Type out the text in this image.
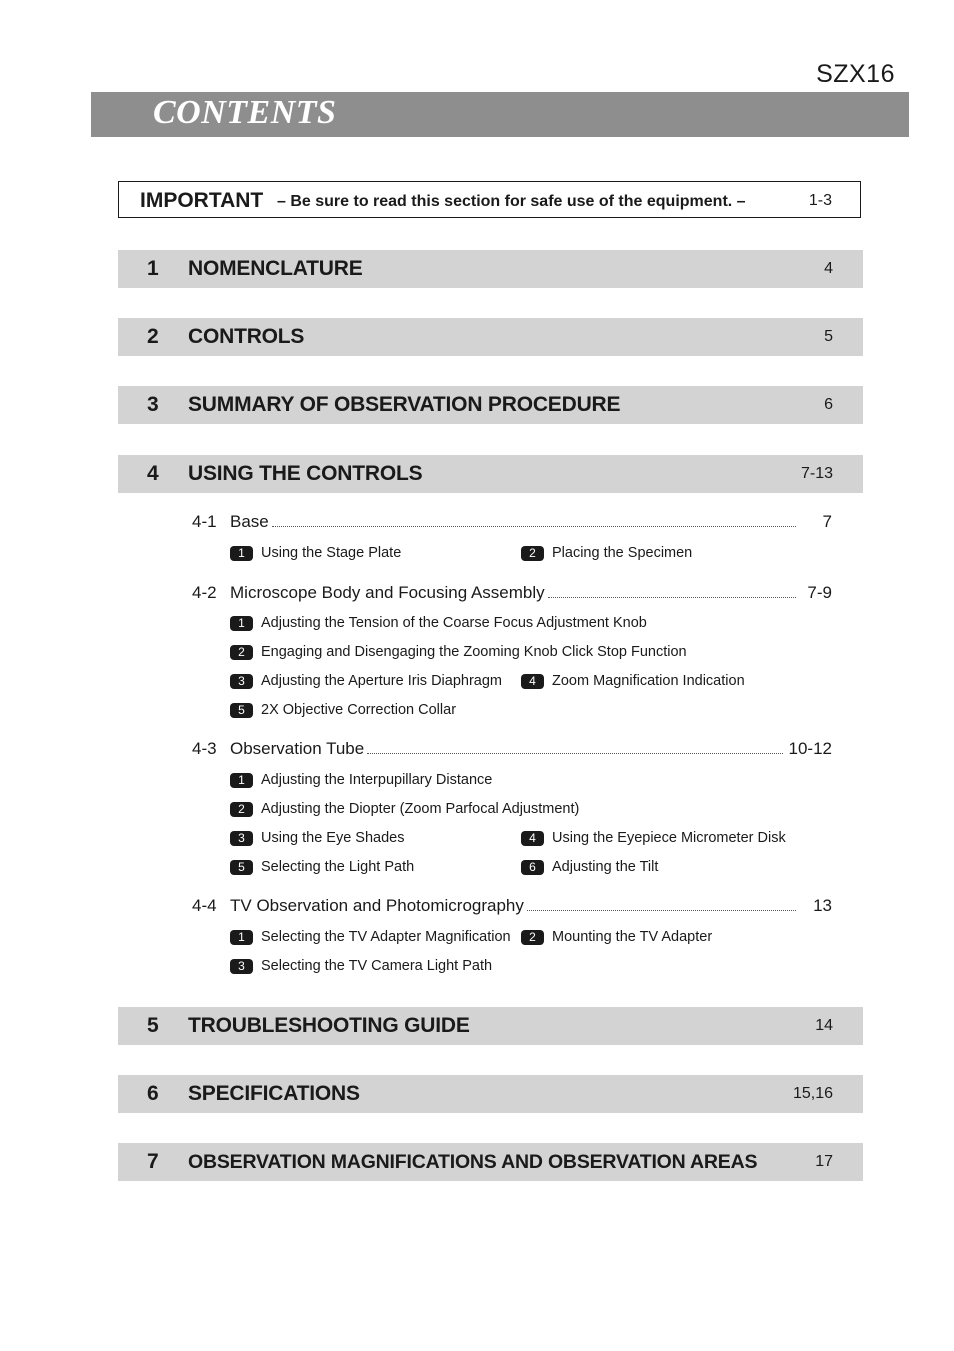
SZX16
CONTENTS
IMPORTANT – Be sure to read this section for safe use of the equipment. –	1-3
1 NOMENCLATURE	4
2 CONTROLS	5
3 SUMMARY OF OBSERVATION PROCEDURE	6
4 USING THE CONTROLS	7-13
4-1 Base	7
1	Using the Stage Plate	2	Placing the Specimen
4-2 Microscope Body and Focusing Assembly	7-9
1	Adjusting the Tension of the Coarse Focus Adjustment Knob
2	Engaging and Disengaging the Zooming Knob Click Stop Function
3	Adjusting the Aperture Iris Diaphragm	4	Zoom Magnification Indication
5	2X Objective Correction Collar
4-3 Observation Tube	10-12
1	Adjusting the Interpupillary Distance
2	Adjusting the Diopter (Zoom Parfocal Adjustment)
3	Using the Eye Shades	4	Using the Eyepiece Micrometer Disk
5	Selecting the Light Path	6	Adjusting the Tilt
4-4 TV Observation and Photomicrography	13
1	Selecting the TV Adapter Magnification	2	Mounting the TV Adapter
3	Selecting the TV Camera Light Path
5 TROUBLESHOOTING GUIDE	14
6 SPECIFICATIONS	15,16
7 OBSERVATION MAGNIFICATIONS AND OBSERVATION AREAS	17
